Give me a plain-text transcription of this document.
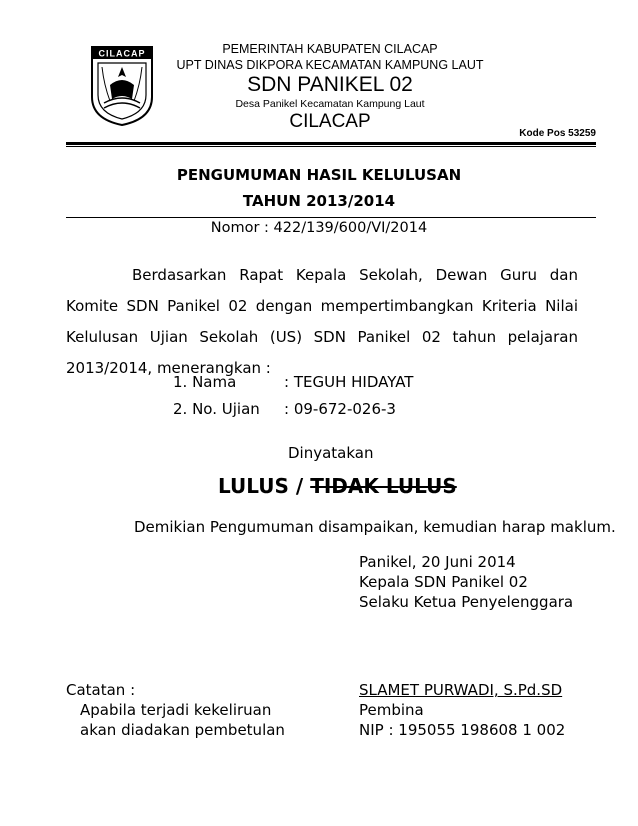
CILACAP	PEMERINTAH KABUPATEN CILACAP
UPT DINAS DIKPORA KECAMATAN KAMPUNG LAUT
SDN PANIKEL 02
Desa Panikel Kecamatan Kampung Laut
CILACAP
Kode Pos 53259
PENGUMUMAN HASIL KELULUSAN
TAHUN 2013/2014
Nomor : 422/139/600/VI/2014
Berdasarkan Rapat Kepala Sekolah, Dewan Guru dan Komite SDN Panikel 02 dengan mempertimbangkan Kriteria Nilai Kelulusan Ujian Sekolah (US) SDN Panikel 02 tahun pelajaran 2013/2014, menerangkan :
1. Nama	: TEGUH HIDAYAT
2. No. Ujian : 09-672-026-3
Dinyatakan
LULUS / TIDAK LULUS
Demikian Pengumuman disampaikan, kemudian harap maklum.
Panikel, 20 Juni 2014
Kepala SDN Panikel 02
Selaku Ketua Penyelenggara
SLAMET PURWADI, S.Pd.SD
Pembina
NIP : 195055 198608 1 002
Catatan :
Apabila terjadi kekeliruan
akan diadakan pembetulan
